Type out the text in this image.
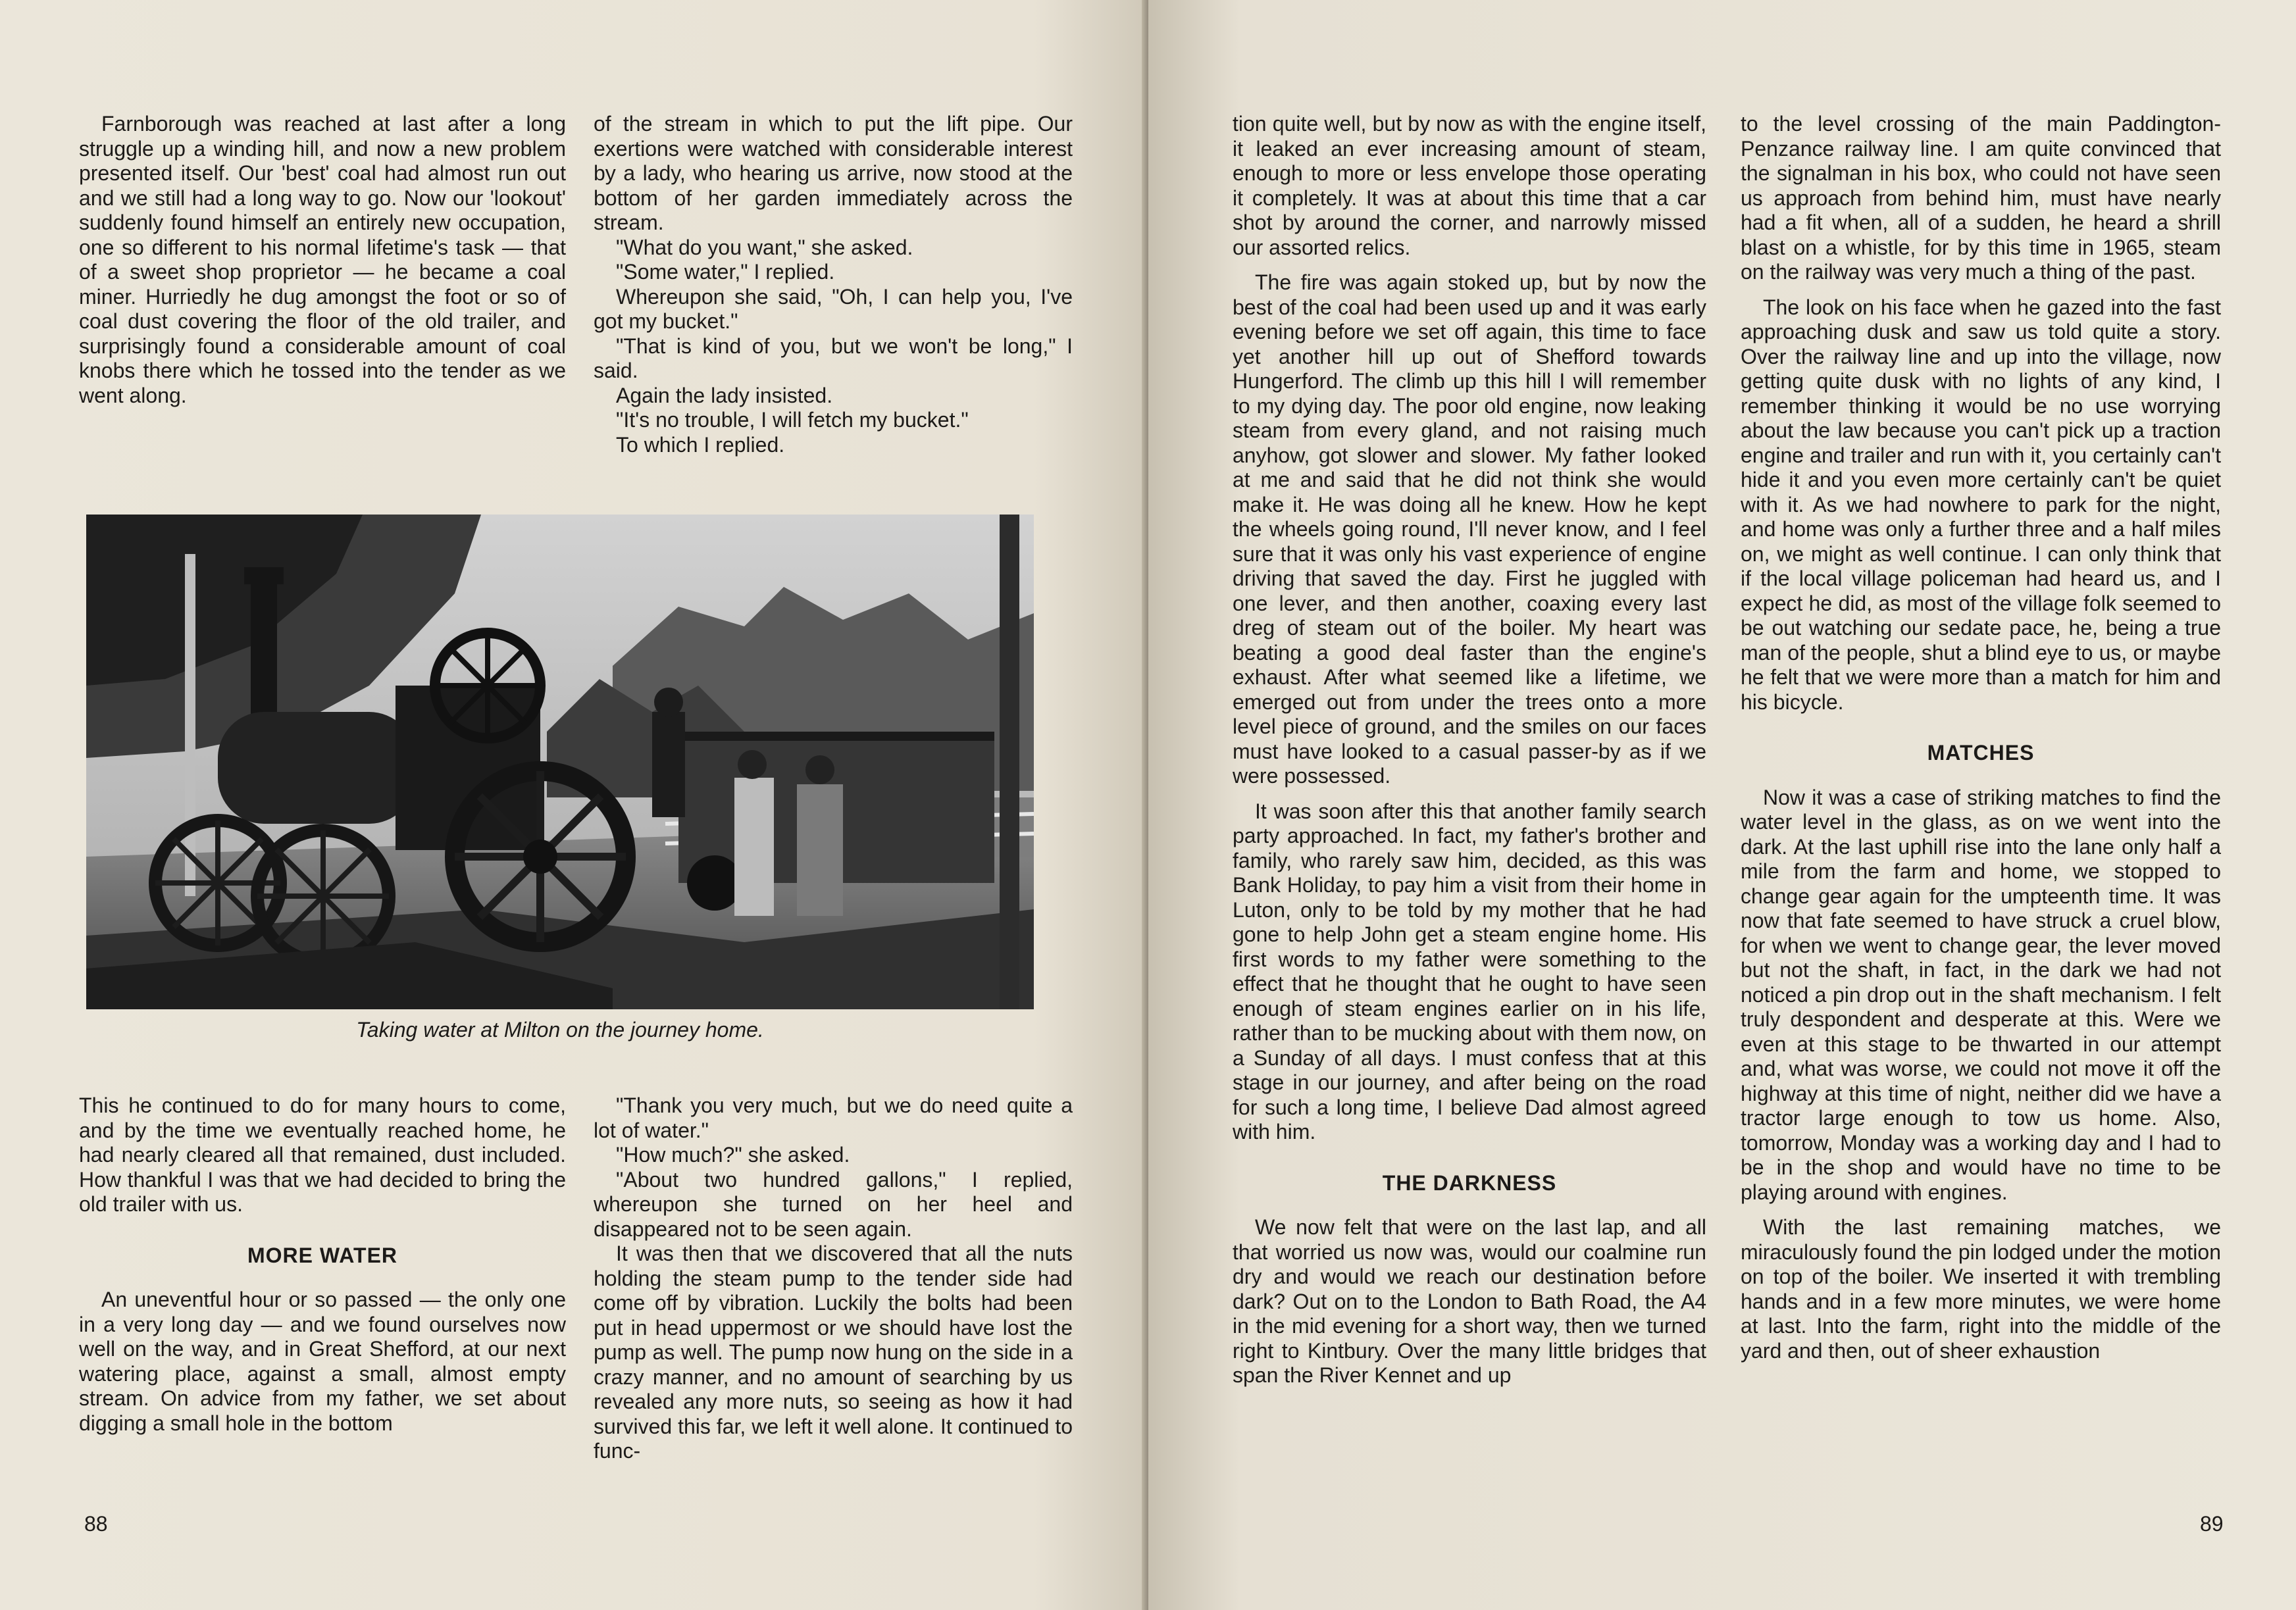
Farnborough was reached at last after a long struggle up a winding hill, and now a new problem presented itself. Our 'best' coal had almost run out and we still had a long way to go. Now our 'lookout' suddenly found himself an entirely new occupation, one so different to his normal lifetime's task — that of a sweet shop proprietor — he became a coal miner. Hurriedly he dug amongst the foot or so of coal dust covering the floor of the old trailer, and surprisingly found a considerable amount of coal knobs there which he tossed into the tender as we went along.

of the stream in which to put the lift pipe. Our exertions were watched with considerable interest by a lady, who hearing us arrive, now stood at the bottom of her garden immediately across the stream.

"What do you want," she asked.

"Some water," I replied.

Whereupon she said, "Oh, I can help you, I've got my bucket."

"That is kind of you, but we won't be long," I said.

Again the lady insisted.

"It's no trouble, I will fetch my bucket."

To which I replied.

Taking water at Milton on the journey home.

This he continued to do for many hours to come, and by the time we eventually reached home, he had nearly cleared all that remained, dust included. How thankful I was that we had decided to bring the old trailer with us.

MORE WATER

An uneventful hour or so passed — the only one in a very long day — and we found ourselves now well on the way, and in Great Shefford, at our next watering place, against a small, almost empty stream. On advice from my father, we set about digging a small hole in the bottom

"Thank you very much, but we do need quite a lot of water."

"How much?" she asked.

"About two hundred gallons," I replied, whereupon she turned on her heel and disappeared not to be seen again.

It was then that we discovered that all the nuts holding the steam pump to the tender side had come off by vibration. Luckily the bolts had been put in head uppermost or we should have lost the pump as well. The pump now hung on the side in a crazy manner, and no amount of searching by us revealed any more nuts, so seeing as how it had survived this far, we left it well alone. It continued to func-

88

tion quite well, but by now as with the engine itself, it leaked an ever increasing amount of steam, enough to more or less envelope those operating it completely. It was at about this time that a car shot by around the corner, and narrowly missed our assorted relics.

The fire was again stoked up, but by now the best of the coal had been used up and it was early evening before we set off again, this time to face yet another hill up out of Shefford towards Hungerford. The climb up this hill I will remember to my dying day. The poor old engine, now leaking steam from every gland, and not raising much anyhow, got slower and slower. My father looked at me and said that he did not think she would make it. He was doing all he knew. How he kept the wheels going round, I'll never know, and I feel sure that it was only his vast experience of engine driving that saved the day. First he juggled with one lever, and then another, coaxing every last dreg of steam out of the boiler. My heart was beating a good deal faster than the engine's exhaust. After what seemed like a lifetime, we emerged out from under the trees onto a more level piece of ground, and the smiles on our faces must have looked to a casual passer-by as if we were possessed.

It was soon after this that another family search party approached. In fact, my father's brother and family, who rarely saw him, decided, as this was Bank Holiday, to pay him a visit from their home in Luton, only to be told by my mother that he had gone to help John get a steam engine home. His first words to my father were something to the effect that he thought that he ought to have seen enough of steam engines earlier on in his life, rather than to be mucking about with them now, on a Sunday of all days. I must confess that at this stage in our journey, and after being on the road for such a long time, I believe Dad almost agreed with him.

THE DARKNESS

We now felt that were on the last lap, and all that worried us now was, would our coalmine run dry and would we reach our destination before dark? Out on to the London to Bath Road, the A4 in the mid evening for a short way, then we turned right to Kintbury. Over the many little bridges that span the River Kennet and up

to the level crossing of the main Paddington-Penzance railway line. I am quite convinced that the signalman in his box, who could not have seen us approach from behind him, must have nearly had a fit when, all of a sudden, he heard a shrill blast on a whistle, for by this time in 1965, steam on the railway was very much a thing of the past.

The look on his face when he gazed into the fast approaching dusk and saw us told quite a story. Over the railway line and up into the village, now getting quite dusk with no lights of any kind, I remember thinking it would be no use worrying about the law because you can't pick up a traction engine and trailer and run with it, you certainly can't hide it and you even more certainly can't be quiet with it. As we had nowhere to park for the night, and home was only a further three and a half miles on, we might as well continue. I can only think that if the local village policeman had heard us, and I expect he did, as most of the village folk seemed to be out watching our sedate pace, he, being a true man of the people, shut a blind eye to us, or maybe he felt that we were more than a match for him and his bicycle.

MATCHES

Now it was a case of striking matches to find the water level in the glass, as on we went into the dark. At the last uphill rise into the lane only half a mile from the farm and home, we stopped to change gear again for the umpteenth time. It was now that fate seemed to have struck a cruel blow, for when we went to change gear, the lever moved but not the shaft, in fact, in the dark we had not noticed a pin drop out in the shaft mechanism. I felt truly despondent and desperate at this. Were we even at this stage to be thwarted in our attempt and, what was worse, we could not move it off the highway at this time of night, neither did we have a tractor large enough to tow us home. Also, tomorrow, Monday was a working day and I had to be in the shop and would have no time to be playing around with engines.

With the last remaining matches, we miraculously found the pin lodged under the motion on top of the boiler. We inserted it with trembling hands and in a few more minutes, we were home at last. Into the farm, right into the middle of the yard and then, out of sheer exhaustion

89
